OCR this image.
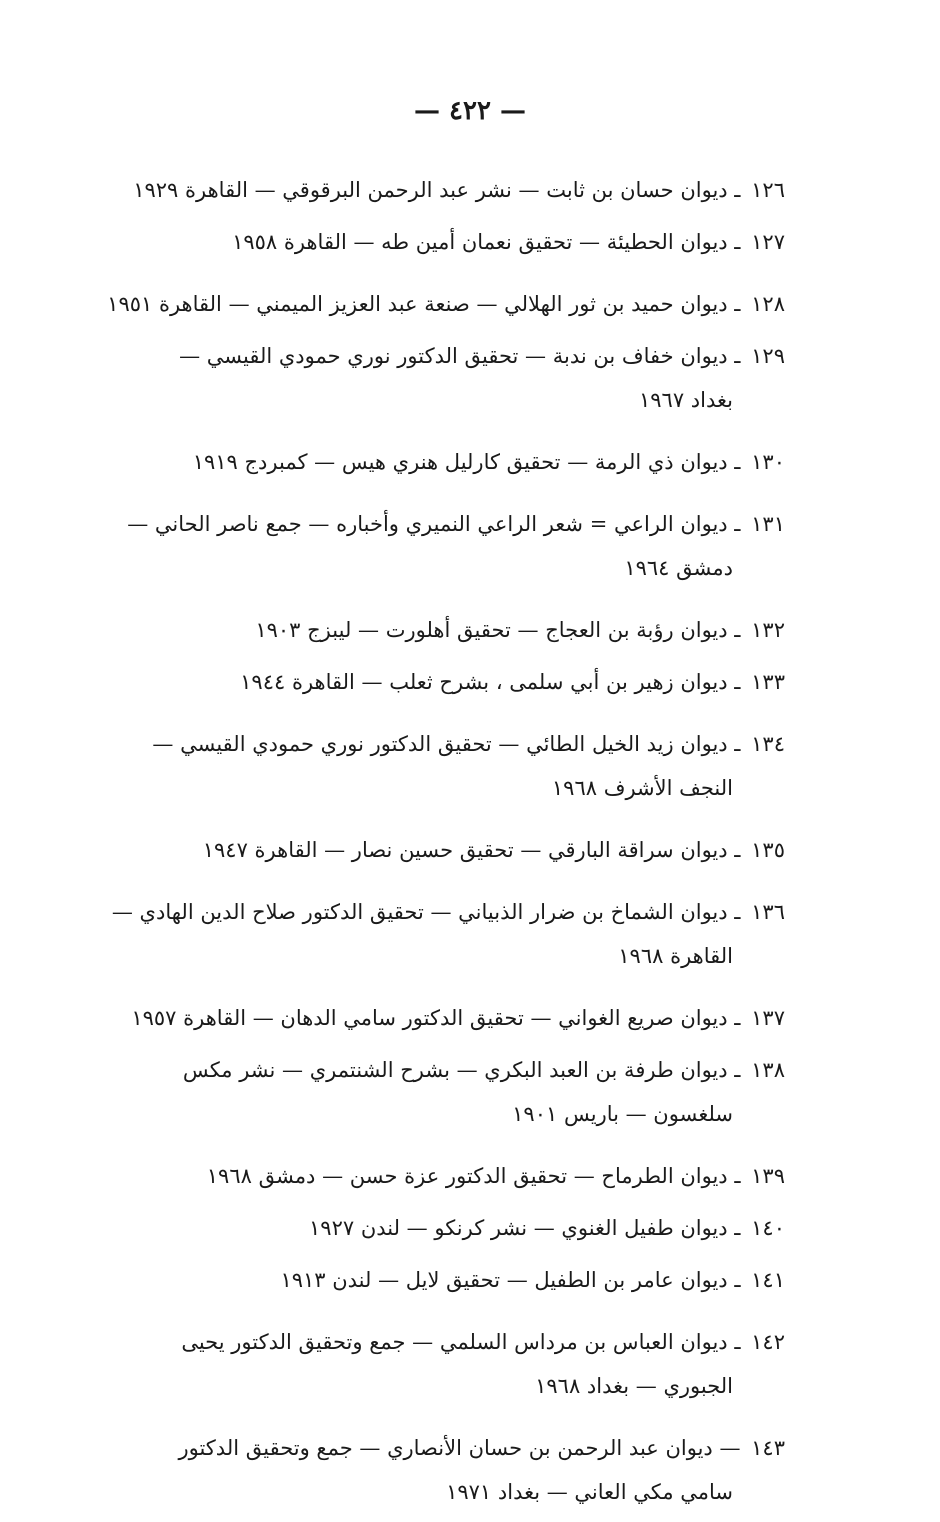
— ٤٢٢ —
١٢٦ ـ ديوان حسان بن ثابت — نشر عبد الرحمن البرقوقي — القاهرة ١٩٢٩
١٢٧ ـ ديوان الحطيئة — تحقيق نعمان أمين طه — القاهرة ١٩٥٨
١٢٨ ـ ديوان حميد بن ثور الهلالي — صنعة عبد العزيز الميمني — القاهرة ١٩٥١
١٢٩ ـ ديوان خفاف بن ندبة — تحقيق الدكتور نوري حمودي القيسي —
بغداد ١٩٦٧
١٣٠ ـ ديوان ذي الرمة — تحقيق كارليل هنري هيس — كمبردج ١٩١٩
١٣١ ـ ديوان الراعي = شعر الراعي النميري وأخباره — جمع ناصر الحاني —
دمشق ١٩٦٤
١٣٢ ـ ديوان رؤبة بن العجاج — تحقيق أهلورت — ليبزج ١٩٠٣
١٣٣ ـ ديوان زهير بن أبي سلمى ، بشرح ثعلب — القاهرة ١٩٤٤
١٣٤ ـ ديوان زيد الخيل الطائي — تحقيق الدكتور نوري حمودي القيسي —
النجف الأشرف ١٩٦٨
١٣٥ ـ ديوان سراقة البارقي — تحقيق حسين نصار — القاهرة ١٩٤٧
١٣٦ ـ ديوان الشماخ بن ضرار الذبياني — تحقيق الدكتور صلاح الدين الهادي —
القاهرة ١٩٦٨
١٣٧ ـ ديوان صريع الغواني — تحقيق الدكتور سامي الدهان — القاهرة ١٩٥٧
١٣٨ ـ ديوان طرفة بن العبد البكري — بشرح الشنتمري — نشر مكس
سلغسون — باريس ١٩٠١
١٣٩ ـ ديوان الطرماح — تحقيق الدكتور عزة حسن — دمشق ١٩٦٨
١٤٠ ـ ديوان طفيل الغنوي — نشر كرنكو — لندن ١٩٢٧
١٤١ ـ ديوان عامر بن الطفيل — تحقيق لايل — لندن ١٩١٣
١٤٢ ـ ديوان العباس بن مرداس السلمي — جمع وتحقيق الدكتور يحيى
الجبوري — بغداد ١٩٦٨
١٤٣ — ديوان عبد الرحمن بن حسان الأنصاري — جمع وتحقيق الدكتور
سامي مكي العاني — بغداد ١٩٧١
